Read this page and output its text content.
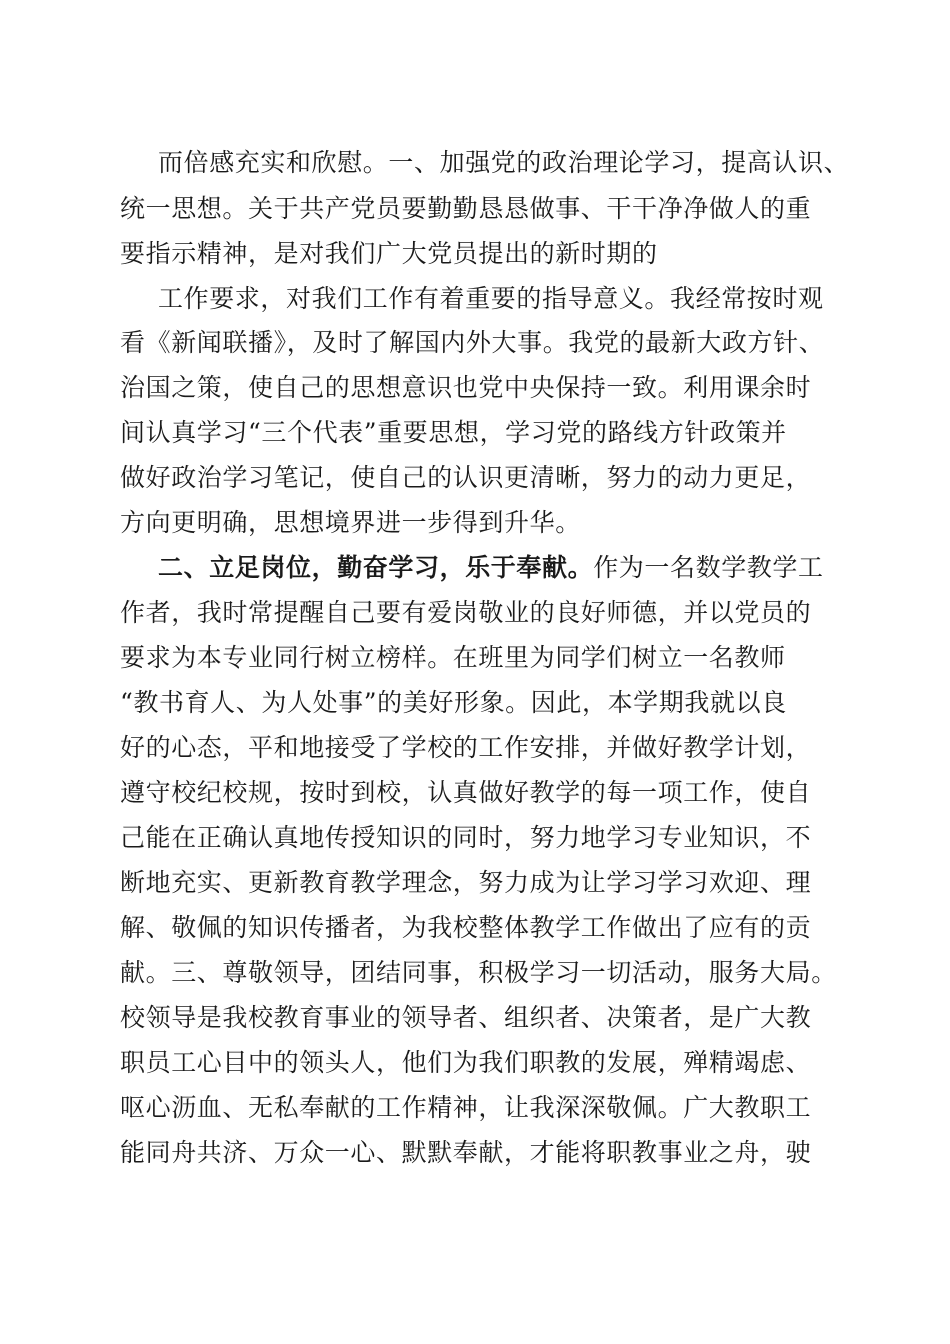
而倍感充实和欣慰。一、加强党的政治理论学习，提高认识、
统一思想。关于共产党员要勤勤恳恳做事、干干净净做人的重
要指示精神，是对我们广大党员提出的新时期的
工作要求，对我们工作有着重要的指导意义。我经常按时观
看《新闻联播》，及时了解国内外大事。我党的最新大政方针、
治国之策，使自己的思想意识也党中央保持一致。利用课余时
间认真学习“三个代表”重要思想，学习党的路线方针政策并
做好政治学习笔记，使自己的认识更清晰，努力的动力更足，
方向更明确，思想境界进一步得到升华。
二、立足岗位，勤奋学习，乐于奉献。作为一名数学教学工
作者，我时常提醒自己要有爱岗敬业的良好师德，并以党员的
要求为本专业同行树立榜样。在班里为同学们树立一名教师
“教书育人、为人处事”的美好形象。因此，本学期我就以良
好的心态，平和地接受了学校的工作安排，并做好教学计划，
遵守校纪校规，按时到校，认真做好教学的每一项工作，使自
己能在正确认真地传授知识的同时，努力地学习专业知识，不
断地充实、更新教育教学理念，努力成为让学习学习欢迎、理
解、敬佩的知识传播者，为我校整体教学工作做出了应有的贡
献。三、尊敬领导，团结同事，积极学习一切活动，服务大局。
校领导是我校教育事业的领导者、组织者、决策者，是广大教
职员工心目中的领头人，他们为我们职教的发展，殚精竭虑、
呕心沥血、无私奉献的工作精神，让我深深敬佩。广大教职工
能同舟共济、万众一心、默默奉献，才能将职教事业之舟，驶
